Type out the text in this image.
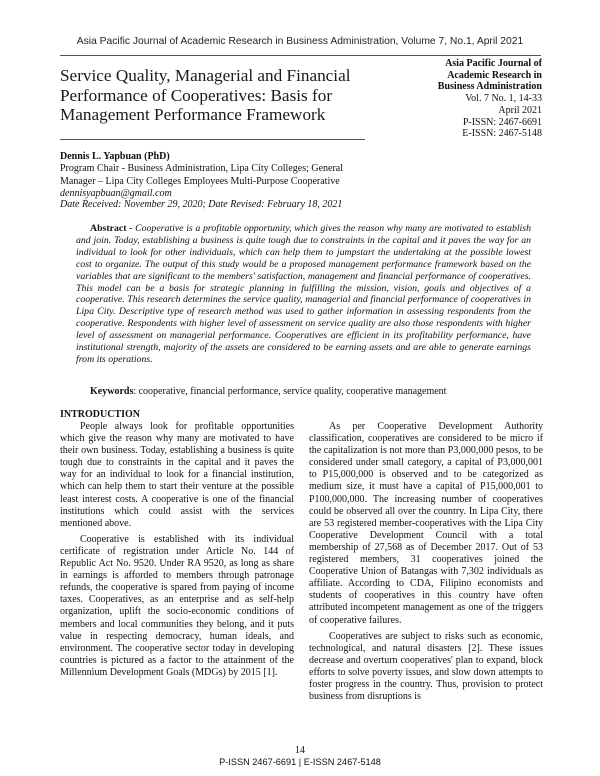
Asia Pacific Journal of Academic Research in Business Administration, Volume 7, No.1, April 2021
Service Quality, Managerial and Financial Performance of Cooperatives: Basis for Management Performance Framework
Asia Pacific Journal of Academic Research in Business Administration
Vol. 7 No. 1, 14-33
April 2021
P-ISSN: 2467-6691
E-ISSN: 2467-5148
Dennis L. Yapbuan (PhD)
Program Chair - Business Administration, Lipa City Colleges; General Manager – Lipa City Colleges Employees Multi-Purpose Cooperative
dennisyapbuan@gmail.com
Date Received: November 29, 2020; Date Revised: February 18, 2021
Abstract - Cooperative is a profitable opportunity, which gives the reason why many are motivated to establish and join. Today, establishing a business is quite tough due to constraints in the capital and it paves the way for an individual to look for other individuals, which can help them to jumpstart the undertaking at the possible lowest cost to organize. The output of this study would be a proposed management performance framework based on the variables that are significant to the members' satisfaction, management and financial performance of cooperatives. This model can be a basis for strategic planning in fulfilling the mission, vision, goals and objectives of a cooperative. This research determines the service quality, managerial and financial performance of cooperatives in Lipa City. Descriptive type of research method was used to gather information in assessing respondents from the cooperative. Respondents with higher level of assessment on service quality are also those respondents with higher level of assessment on managerial performance. Cooperatives are efficient in its profitability performance, have institutional strength, majority of the assets are considered to be earning assets and are able to generate earnings from its operations.
Keywords: cooperative, financial performance, service quality, cooperative management
INTRODUCTION

People always look for profitable opportunities which give the reason why many are motivated to have their own business. Today, establishing a business is quite tough due to constraints in the capital and it paves the way for an individual to look for a financial institution, which can help them to start their venture at the possible least interest costs. A cooperative is one of the financial institutions which could assist with the services mentioned above.

Cooperative is established with its individual certificate of registration under Article No. 144 of Republic Act No. 9520. Under RA 9520, as long as share in earnings is afforded to members through patronage refunds, the cooperative is spared from paying of income taxes. Cooperatives, as an enterprise and as self-help organization, uplift the socio-economic conditions of members and local communities they belong, and it puts value in respecting democracy, human ideals, and environment. The cooperative sector today in developing countries is pictured as a factor to the attainment of the Millennium Development Goals (MDGs) by 2015 [1].

As per Cooperative Development Authority classification, cooperatives are considered to be micro if the capitalization is not more than P3,000,000 pesos, to be considered under small category, a capital of P3,000,001 to P15,000,000 is observed and to be categorized as medium size, it must have a capital of P15,000,001 to P100,000,000. The increasing number of cooperatives could be observed all over the country. In Lipa City, there are 53 registered member-cooperatives with the Lipa City Cooperative Development Council with a total membership of 27,568 as of December 2017. Out of 53 registered members, 31 cooperatives joined the Cooperative Union of Batangas with 7,302 individuals as affiliate. According to CDA, Filipino economists and students of cooperatives in this country have often attributed incompetent management as one of the triggers of cooperative failures.

Cooperatives are subject to risks such as economic, technological, and natural disasters [2]. These issues decrease and overturn cooperatives' plan to expand, block efforts to solve poverty issues, and slow down attempts to foster progress in the country. Thus, provision to protect business from disruptions is

14
P-ISSN 2467-6691 | E-ISSN 2467-5148
